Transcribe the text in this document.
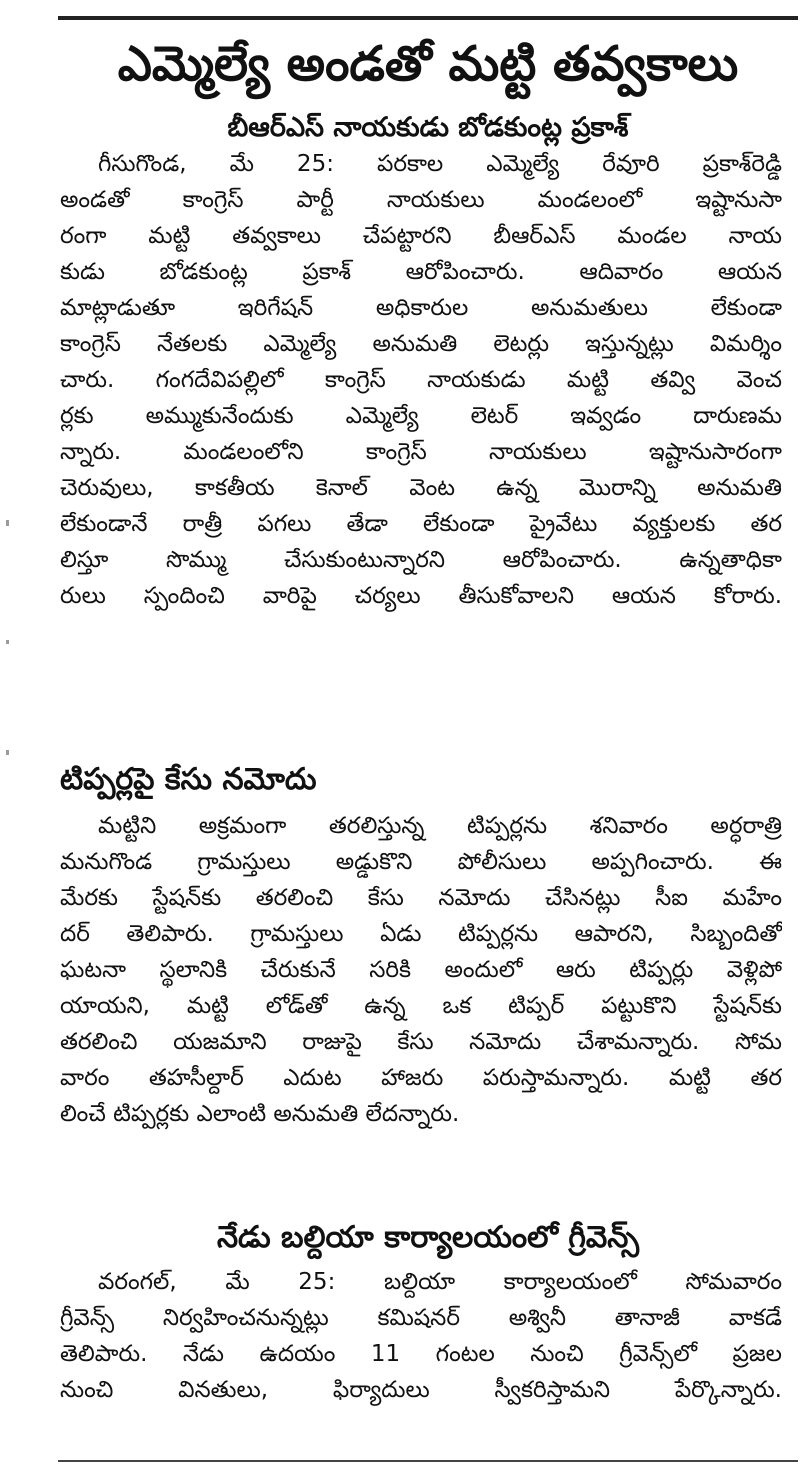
ఎమ్మెల్యే అండతో మట్టి తవ్వకాలు
బీఆర్ఎస్ నాయకుడు బోడకుంట్ల ప్రకాశ్
గీసుగొండ, మే 25: పరకాల ఎమ్మెల్యే రేవూరి ప్రకాశ్‌రెడ్డి
అండతో కాంగ్రెస్ పార్టీ నాయకులు మండలంలో ఇష్టానుసా
రంగా మట్టి తవ్వకాలు చేపట్టారని బీఆర్ఎస్ మండల నాయ
కుడు బోడకుంట్ల ప్రకాశ్ ఆరోపించారు. ఆదివారం ఆయన
మాట్లాడుతూ ఇరిగేషన్ అధికారుల అనుమతులు లేకుండా
కాంగ్రెస్ నేతలకు ఎమ్మెల్యే అనుమతి లెటర్లు ఇస్తున్నట్లు విమర్శిం
చారు. గంగదేవిపల్లిలో కాంగ్రెస్ నాయకుడు మట్టి తవ్వి వెంచ
ర్లకు అమ్ముకునేందుకు ఎమ్మెల్యే లెటర్ ఇవ్వడం దారుణమ
న్నారు. మండలంలోని కాంగ్రెస్ నాయకులు ఇష్టానుసారంగా
చెరువులు, కాకతీయ కెనాల్ వెంట ఉన్న మొరాన్ని అనుమతి
లేకుండానే రాత్రీ పగలు తేడా లేకుండా ప్రైవేటు వ్యక్తులకు తర
లిస్తూ సొమ్ము చేసుకుంటున్నారని ఆరోపించారు. ఉన్నతాధికా
రులు స్పందించి వారిపై చర్యలు తీసుకోవాలని ఆయన కోరారు.
టిప్పర్లపై కేసు నమోదు
మట్టిని అక్రమంగా తరలిస్తున్న టిప్పర్లను శనివారం అర్ధరాత్రి
మనుగొండ గ్రామస్తులు అడ్డుకొని పోలీసులు అప్పగించారు. ఈ
మేరకు స్టేషన్‌కు తరలించి కేసు నమోదు చేసినట్లు సీఐ మహేం
దర్ తెలిపారు. గ్రామస్తులు ఏడు టిప్పర్లను ఆపారని, సిబ్బందితో
ఘటనా స్థలానికి చేరుకునే సరికి అందులో ఆరు టిప్పర్లు వెళ్లిపో
యాయని, మట్టి లోడ్‌తో ఉన్న ఒక టిప్పర్ పట్టుకొని స్టేషన్‌కు
తరలించి యజమాని రాజుపై కేసు నమోదు చేశామన్నారు. సోమ
వారం తహసీల్దార్ ఎదుట హాజరు పరుస్తామన్నారు. మట్టి తర
లించే టిప్పర్లకు ఎలాంటి అనుమతి లేదన్నారు.
నేడు బల్దియా కార్యాలయంలో గ్రీవెన్స్
వరంగల్, మే 25: బల్దియా కార్యాలయంలో సోమవారం
గ్రీవెన్స్ నిర్వహించనున్నట్లు కమిషనర్ అశ్వినీ తానాజీ వాకడే
తెలిపారు. నేడు ఉదయం 11 గంటల నుంచి గ్రీవెన్స్‌లో ప్రజల
నుంచి వినతులు, ఫిర్యాదులు స్వీకరిస్తామని పేర్కొన్నారు.
